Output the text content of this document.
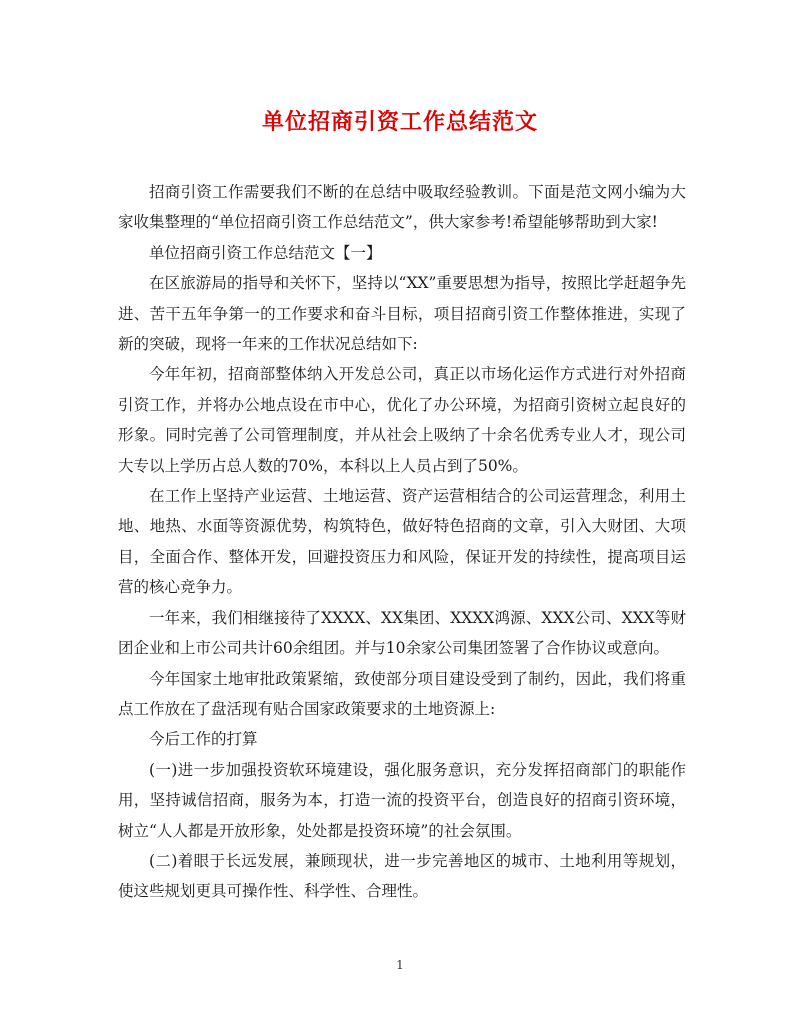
单位招商引资工作总结范文

招商引资工作需要我们不断的在总结中吸取经验教训。下面是范文网小编为大家收集整理的“单位招商引资工作总结范文”，供大家参考!希望能够帮助到大家!

单位招商引资工作总结范文【一】

在区旅游局的指导和关怀下，坚持以“XX”重要思想为指导，按照比学赶超争先进、苦干五年争第一的工作要求和奋斗目标，项目招商引资工作整体推进，实现了新的突破，现将一年来的工作状况总结如下:

今年年初，招商部整体纳入开发总公司，真正以市场化运作方式进行对外招商引资工作，并将办公地点设在市中心，优化了办公环境，为招商引资树立起良好的形象。同时完善了公司管理制度，并从社会上吸纳了十余名优秀专业人才，现公司大专以上学历占总人数的70%，本科以上人员占到了50%。

在工作上坚持产业运营、土地运营、资产运营相结合的公司运营理念，利用土地、地热、水面等资源优势，构筑特色，做好特色招商的文章，引入大财团、大项目，全面合作、整体开发，回避投资压力和风险，保证开发的持续性，提高项目运营的核心竞争力。

一年来，我们相继接待了XXXX、XX集团、XXXX鸿源、XXX公司、XXX等财团企业和上市公司共计60余组团。并与10余家公司集团签署了合作协议或意向。

今年国家土地审批政策紧缩，致使部分项目建设受到了制约，因此，我们将重点工作放在了盘活现有贴合国家政策要求的土地资源上:

今后工作的打算

(一)进一步加强投资软环境建设，强化服务意识，充分发挥招商部门的职能作用，坚持诚信招商，服务为本，打造一流的投资平台，创造良好的招商引资环境，树立“人人都是开放形象，处处都是投资环境”的社会氛围。

(二)着眼于长远发展，兼顾现状，进一步完善地区的城市、土地利用等规划，使这些规划更具可操作性、科学性、合理性。

1
